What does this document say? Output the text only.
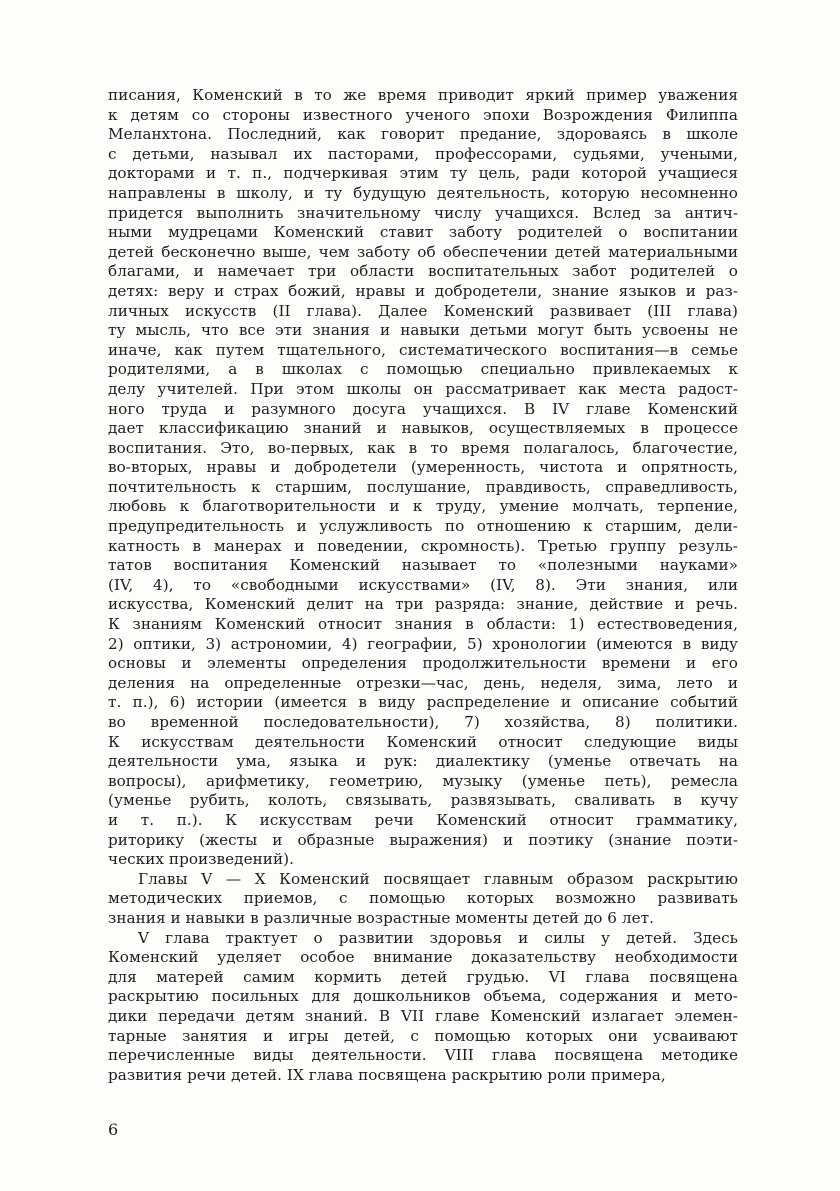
писания, Коменский в то же время приводит яркий пример уважения
к детям со стороны известного ученого эпохи Возрождения Филиппа
Меланхтона. Последний, как говорит предание, здороваясь в школе
с детьми, называл их пасторами, профессорами, судьями, учеными,
докторами и т. п., подчеркивая этим ту цель, ради которой учащиеся
направлены в школу, и ту будущую деятельность, которую несомненно
придется выполнить значительному числу учащихся. Вслед за антич-
ными мудрецами Коменский ставит заботу родителей о воспитании
детей бесконечно выше, чем заботу об обеспечении детей материальными
благами, и намечает три области воспитательных забот родителей о
детях: веру и страх божий, нравы и добродетели, знание языков и раз-
личных искусств (II глава). Далее Коменский развивает (III глава)
ту мысль, что все эти знания и навыки детьми могут быть усвоены не
иначе, как путем тщательного, систематического воспитания—в семье
родителями, а в школах с помощью специально привлекаемых к
делу учителей. При этом школы он рассматривает как места радост-
ного труда и разумного досуга учащихся. В IV главе Коменский
дает классификацию знаний и навыков, осуществляемых в процессе
воспитания. Это, во-первых, как в то время полагалось, благочестие,
во-вторых, нравы и добродетели (умеренность, чистота и опрятность,
почтительность к старшим, послушание, правдивость, справедливость,
любовь к благотворительности и к труду, умение молчать, терпение,
предупредительность и услужливость по отношению к старшим, дели-
катность в манерах и поведении, скромность). Третью группу резуль-
татов воспитания Коменский называет то «полезными науками»
(IV, 4), то «свободными искусствами» (IV, 8). Эти знания, или
искусства, Коменский делит на три разряда: знание, действие и речь.
К знаниям Коменский относит знания в области: 1) естествоведения,
2) оптики, 3) астрономии, 4) географии, 5) хронологии (имеются в виду
основы и элементы определения продолжительности времени и его
деления на определенные отрезки—час, день, неделя, зима, лето и
т. п.), 6) истории (имеется в виду распределение и описание событий
во временной последовательности), 7) хозяйства, 8) политики.
К искусствам деятельности Коменский относит следующие виды
деятельности ума, языка и рук: диалектику (уменье отвечать на
вопросы), арифметику, геометрию, музыку (уменье петь), ремесла
(уменье рубить, колоть, связывать, развязывать, сваливать в кучу
и т. п.). К искусствам речи Коменский относит грамматику,
риторику (жесты и образные выражения) и поэтику (знание поэти-
ческих произведений).
Главы V — X Коменский посвящает главным образом раскрытию
методических приемов, с помощью которых возможно развивать
знания и навыки в различные возрастные моменты детей до 6 лет.
V глава трактует о развитии здоровья и силы у детей. Здесь
Коменский уделяет особое внимание доказательству необходимости
для матерей самим кормить детей грудью. VI глава посвящена
раскрытию посильных для дошкольников объема, содержания и мето-
дики передачи детям знаний. В VII главе Коменский излагает элемен-
тарные занятия и игры детей, с помощью которых они усваивают
перечисленные виды деятельности. VIII глава посвящена методике
развития речи детей. IX глава посвящена раскрытию роли примера,
6
